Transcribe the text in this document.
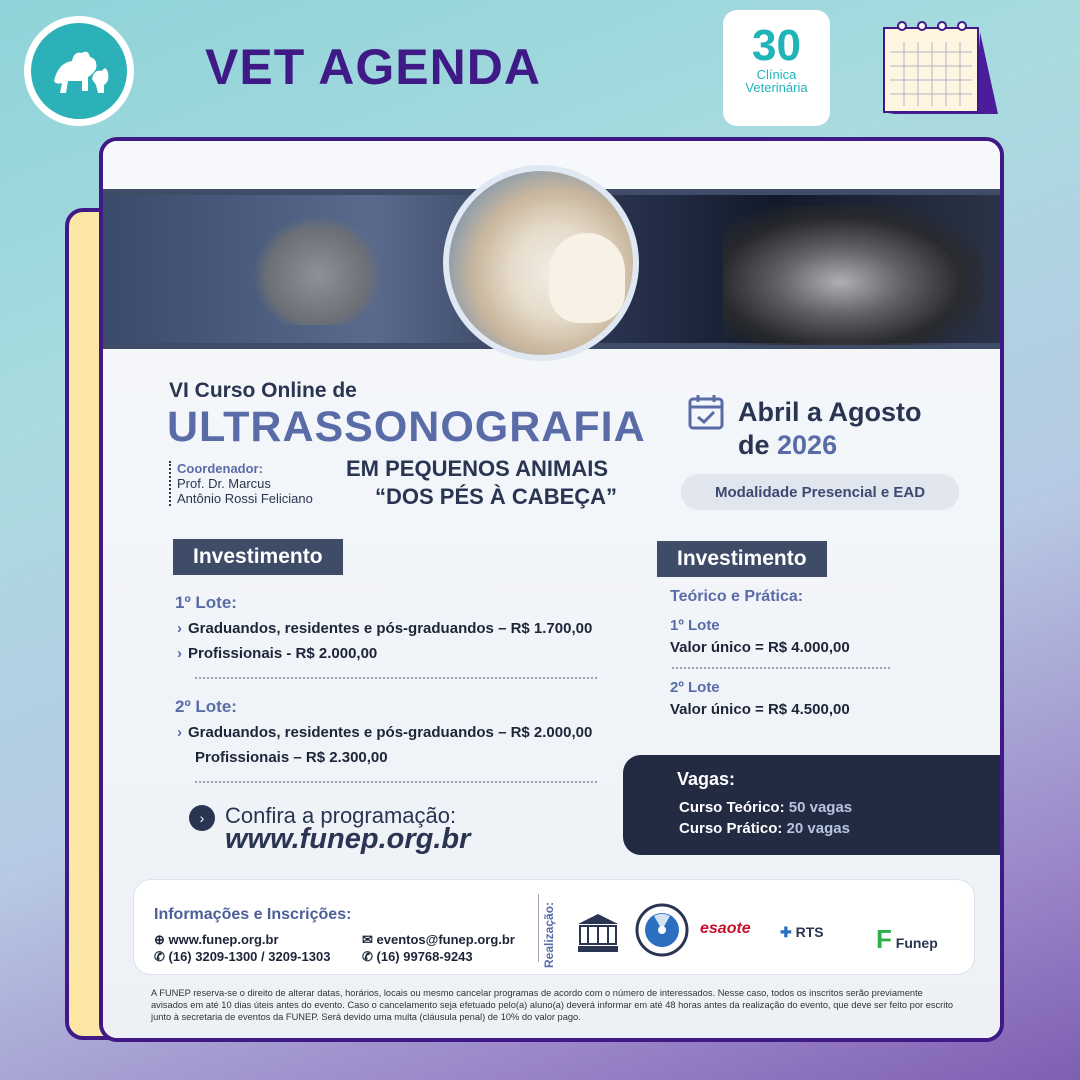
VET AGENDA	30
Clínica
Veterinária
VI Curso Online de
ULTRASSONOGRAFIA
EM PEQUENOS ANIMAIS
“DOS PÉS À CABEÇA”
Coordenador:
Prof. Dr. Marcus
Antônio Rossi Feliciano
Abril a Agosto
de 2026
Modalidade Presencial e EAD
Investimento
1º Lote:
› Graduandos, residentes e pós-graduandos – R$ 1.700,00
› Profissionais - R$ 2.000,00
2º Lote:
› Graduandos, residentes e pós-graduandos – R$ 2.000,00
Profissionais – R$ 2.300,00
› Confira a programação:
www.funep.org.br
Investimento
Teórico e Prática:
1º Lote
Valor único = R$ 4.000,00
2º Lote
Valor único = R$ 4.500,00
Vagas:
Curso Teórico: 50 vagas
Curso Prático: 20 vagas
Informações e Inscrições:
⊕ www.funep.org.br
✆ (16) 3209-1300 / 3209-1303
✉ eventos@funep.org.br
✆ (16) 99768-9243	Realização:	esaote ✚ RTS F Funep
A FUNEP reserva-se o direito de alterar datas, horários, locais ou mesmo cancelar programas de acordo com o número de interessados. Nesse caso, todos os inscritos serão previamente avisados em até 10 dias úteis antes do evento. Caso o cancelamento seja efetuado pelo(a) aluno(a) deverá informar em até 48 horas antes da realização do evento, que deve ser feito por escrito junto à secretaria de eventos da FUNEP. Será devido uma multa (cláusula penal) de 10% do valor pago.
